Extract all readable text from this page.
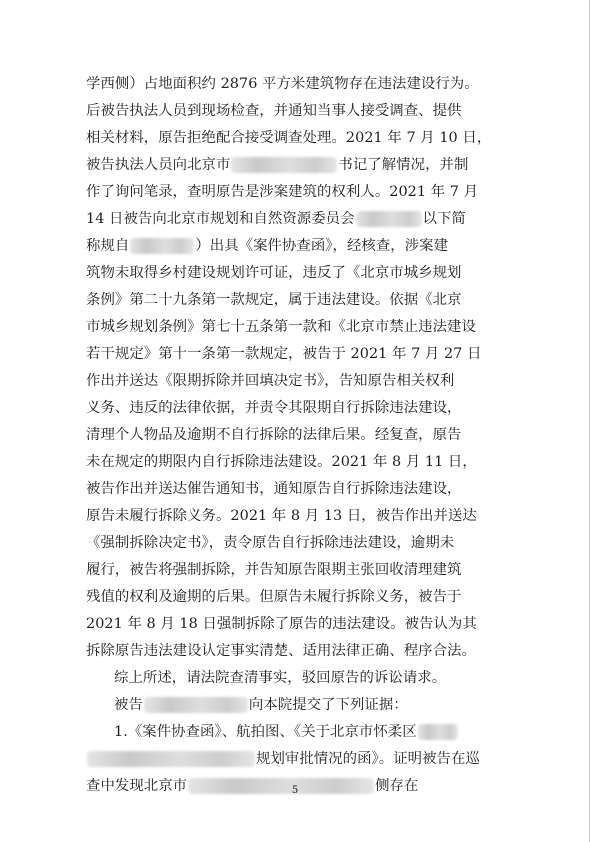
学西侧）占地面积约 2876 平方米建筑物存在违法建设行为。
后被告执法人员到现场检查，并通知当事人接受调查、提供
相关材料，原告拒绝配合接受调查处理。2021 年 7 月 10 日，
被告执法人员向北京市	书记了解情况，并制
作了询问笔录，查明原告是涉案建筑的权利人。2021 年 7 月
14 日被告向北京市规划和自然资源委员会	以下简
称规自	）出具《案件协查函》，经核查，涉案建
筑物未取得乡村建设规划许可证，违反了《北京市城乡规划
条例》第二十九条第一款规定，属于违法建设。依据《北京
市城乡规划条例》第七十五条第一款和《北京市禁止违法建设
若干规定》第十一条第一款规定，被告于 2021 年 7 月 27 日
作出并送达《限期拆除并回填决定书》，告知原告相关权利
义务、违反的法律依据，并责令其限期自行拆除违法建设，
清理个人物品及逾期不自行拆除的法律后果。经复查，原告
未在规定的期限内自行拆除违法建设。2021 年 8 月 11 日，
被告作出并送达催告通知书，通知原告自行拆除违法建设，
原告未履行拆除义务。2021 年 8 月 13 日，被告作出并送达
《强制拆除决定书》，责令原告自行拆除违法建设，逾期未
履行，被告将强制拆除，并告知原告限期主张回收清理建筑
残值的权利及逾期的后果。但原告未履行拆除义务，被告于
2021 年 8 月 18 日强制拆除了原告的违法建设。被告认为其
拆除原告违法建设认定事实清楚、适用法律正确、程序合法。
综上所述，请法院查清事实，驳回原告的诉讼请求。
被告	向本院提交了下列证据：
1.《案件协查函》、航拍图、《关于北京市怀柔区
规划审批情况的函》。证明被告在巡
查中发现北京市	侧存在
5
